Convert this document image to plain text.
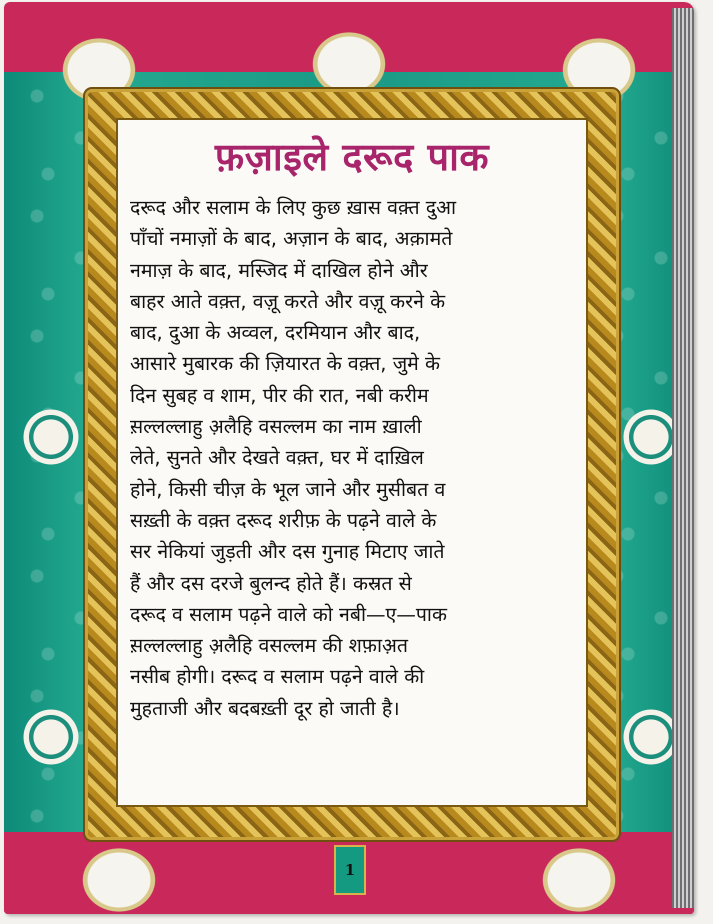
फ़ज़ाइले दरूद पाक
दरूद और सलाम के लिए कुछ ख़ास वक़्त दुआ
पाँचों नमाज़ों के बाद, अज़ान के बाद, अक़ामते
नमाज़ के बाद, मस्जिद में दाखिल होने और
बाहर आते वक़्त, वज़ू करते और वज़ू करने के
बाद, दुआ के अव्वल, दरमियान और बाद,
आसारे मुबारक की ज़ियारत के वक़्त, जुमे के
दिन सुबह व शाम, पीर की रात, नबी करीम
स़ल्लल्लाहु अ़लैहि वसल्लम का नाम ख़ाली
लेते, सुनते और देखते वक़्त, घर में दाख़िल
होने, किसी चीज़ के भूल जाने और मुसीबत व
सख़्ती के वक़्त दरूद शरीफ़ के पढ़ने वाले के
सर नेकियां जुड़ती और दस गुनाह मिटाए जाते
हैं और दस दरजे बुलन्द होते हैं। कस्रत से
दरूद व सलाम पढ़ने वाले को नबी—ए—पाक
स़ल्लल्लाहु अ़लैहि वसल्लम की शफ़ाअ़त
नसीब होगी। दरूद व सलाम पढ़ने वाले की
मुहताजी और बदबख़्ती दूर हो जाती है।
1
